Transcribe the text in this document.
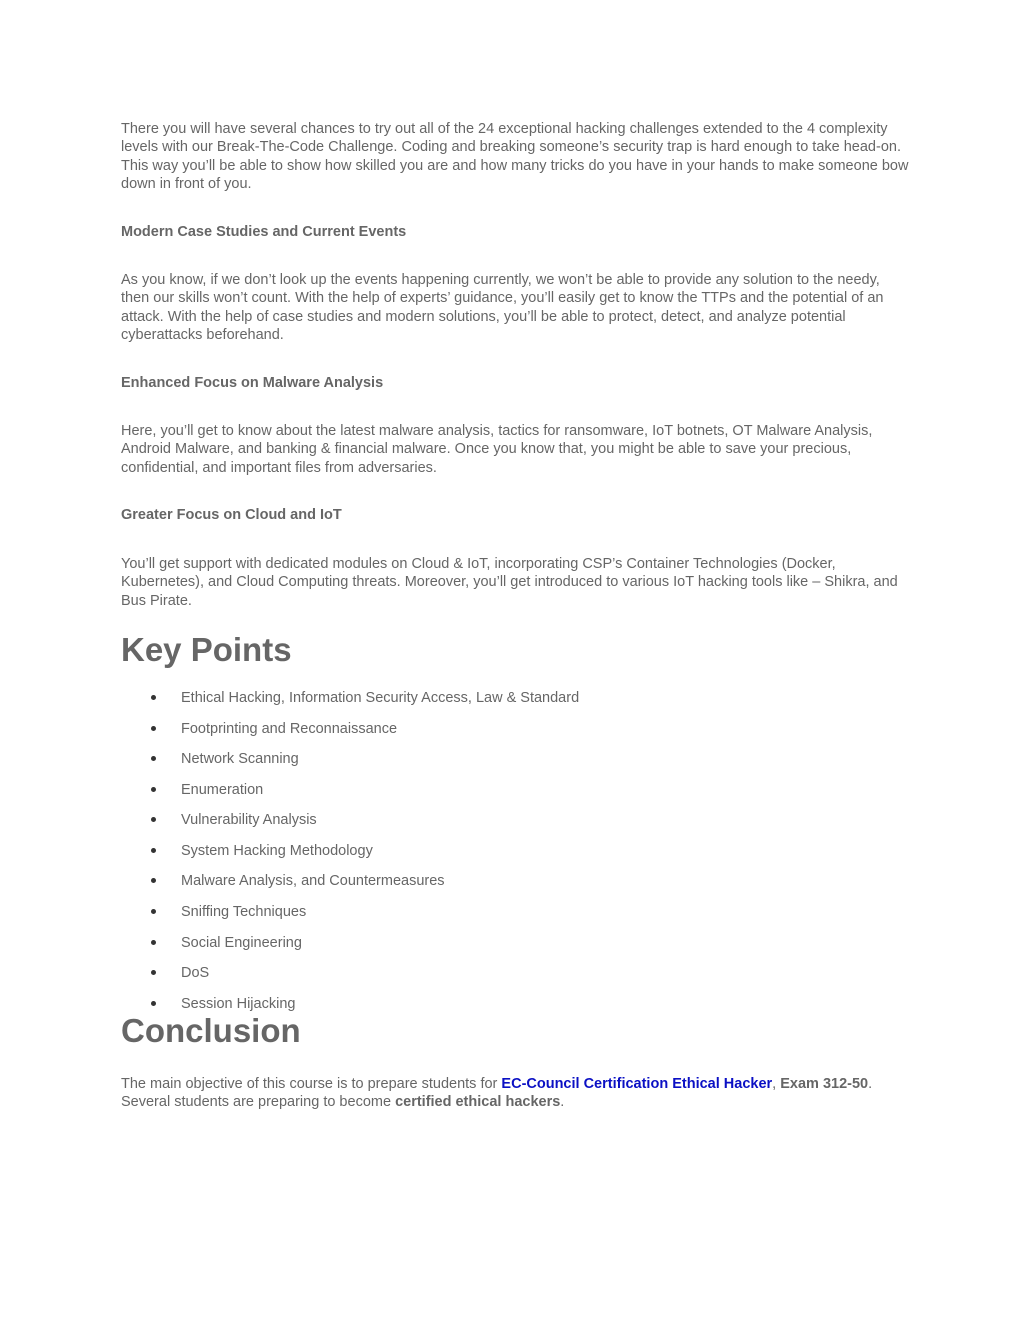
There you will have several chances to try out all of the 24 exceptional hacking challenges extended to the 4 complexity levels with our Break-The-Code Challenge. Coding and breaking someone’s security trap is hard enough to take head-on. This way you’ll be able to show how skilled you are and how many tricks do you have in your hands to make someone bow down in front of you.

Modern Case Studies and Current Events

As you know, if we don’t look up the events happening currently, we won’t be able to provide any solution to the needy, then our skills won’t count. With the help of experts’ guidance, you’ll easily get to know the TTPs and the potential of an attack. With the help of case studies and modern solutions, you’ll be able to protect, detect, and analyze potential cyberattacks beforehand.

Enhanced Focus on Malware Analysis

Here, you’ll get to know about the latest malware analysis, tactics for ransomware, IoT botnets, OT Malware Analysis, Android Malware, and banking & financial malware. Once you know that, you might be able to save your precious, confidential, and important files from adversaries.

Greater Focus on Cloud and IoT

You’ll get support with dedicated modules on Cloud & IoT, incorporating CSP’s Container Technologies (Docker, Kubernetes), and Cloud Computing threats. Moreover, you’ll get introduced to various IoT hacking tools like – Shikra, and Bus Pirate.

Key Points
Ethical Hacking, Information Security Access, Law & Standard
Footprinting and Reconnaissance
Network Scanning
Enumeration
Vulnerability Analysis
System Hacking Methodology
Malware Analysis, and Countermeasures
Sniffing Techniques
Social Engineering
DoS
Session Hijacking
Conclusion

The main objective of this course is to prepare students for EC-Council Certification Ethical Hacker, Exam 312-50. Several students are preparing to become certified ethical hackers.
